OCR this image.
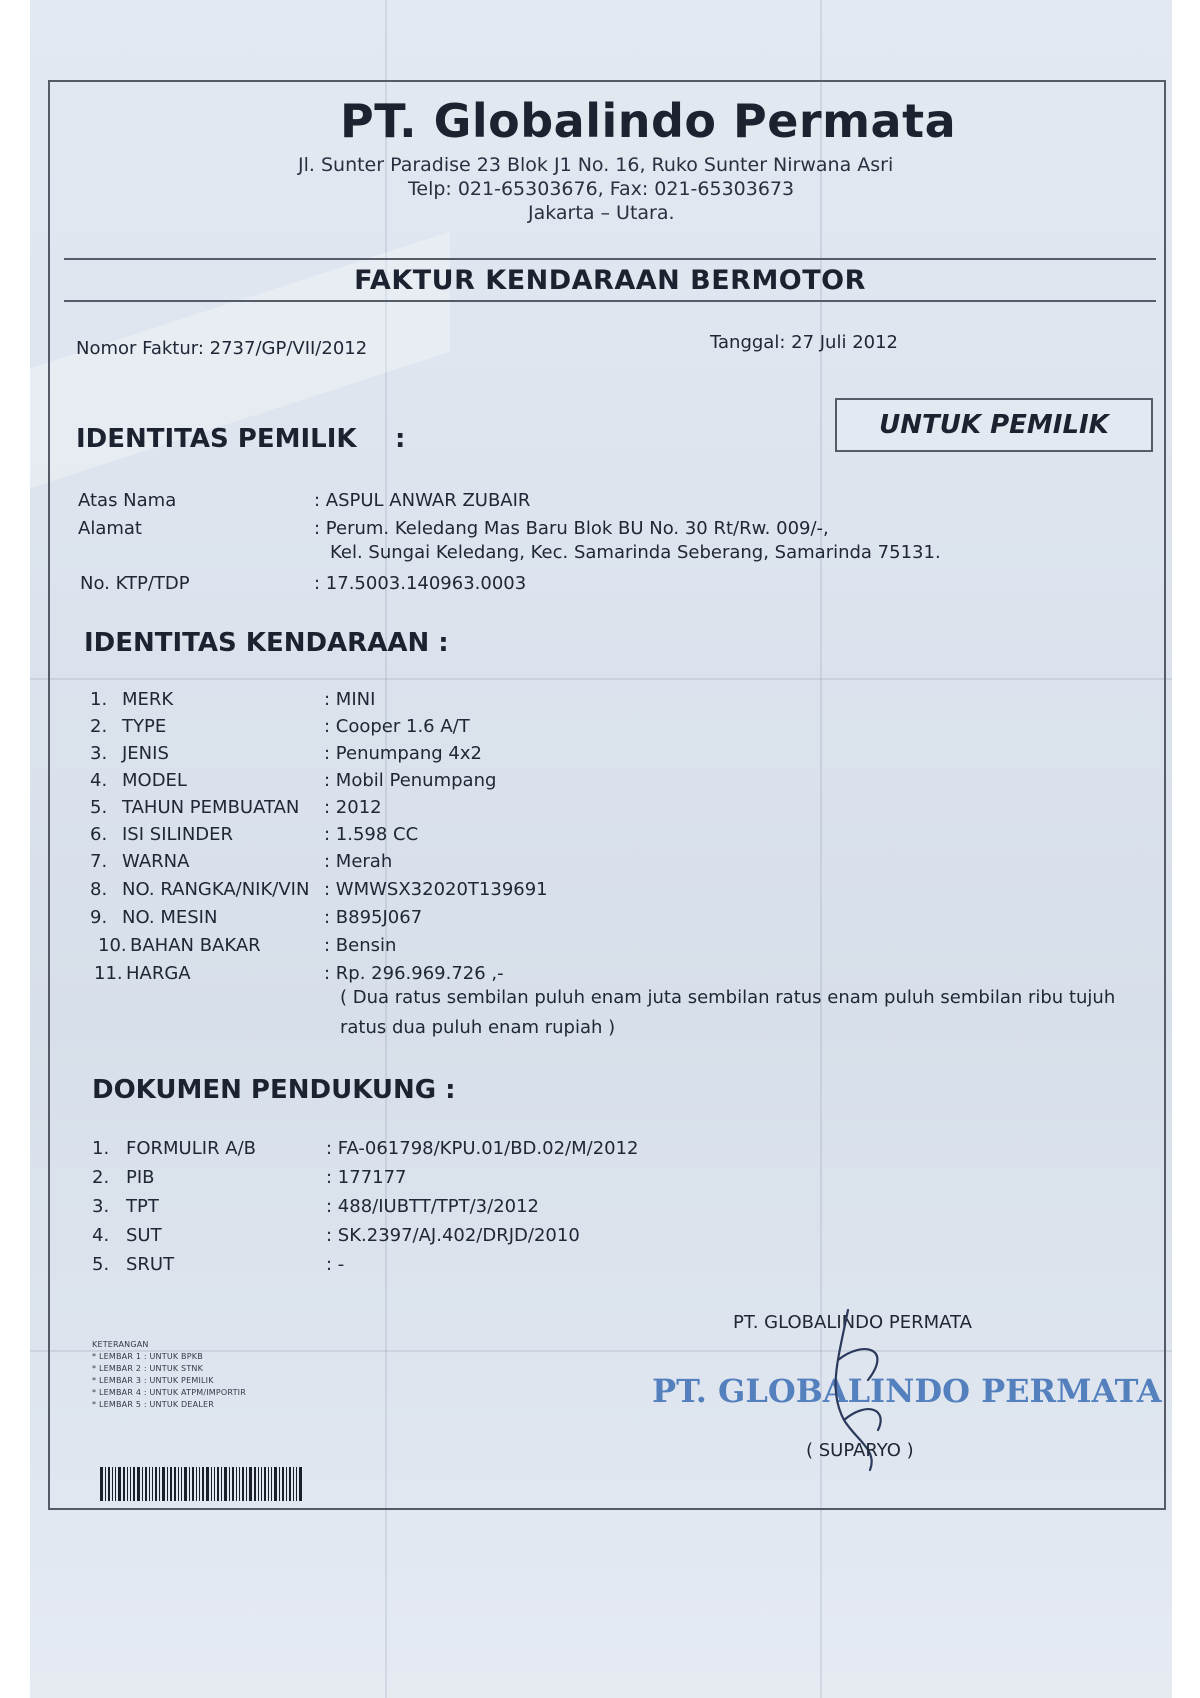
PT. Globalindo Permata
Jl. Sunter Paradise 23 Blok J1 No. 16, Ruko Sunter Nirwana Asri
Telp: 021-65303676, Fax: 021-65303673
Jakarta – Utara.
FAKTUR KENDARAAN BERMOTOR
Nomor Faktur: 2737/GP/VII/2012	Tanggal: 27 Juli 2012
UNTUK PEMILIK
IDENTITAS PEMILIK :
Atas Nama	: ASPUL ANWAR ZUBAIR
Alamat	: Perum. Keledang Mas Baru Blok BU No. 30 Rt/Rw. 009/-,
Kel. Sungai Keledang, Kec. Samarinda Seberang, Samarinda 75131.
No. KTP/TDP	: 17.5003.140963.0003
IDENTITAS KENDARAAN :
1. MERK	: MINI
2. TYPE	: Cooper 1.6 A/T
3. JENIS	: Penumpang 4x2
4. MODEL	: Mobil Penumpang
5. TAHUN PEMBUATAN : 2012
6. ISI SILINDER	: 1.598 CC
7. WARNA	: Merah
8. NO. RANGKA/NIK/VIN : WMWSX32020T139691
9. NO. MESIN	: B895J067
10. BAHAN BAKAR	: Bensin
11. HARGA	: Rp. 296.969.726 ,-
( Dua ratus sembilan puluh enam juta sembilan ratus enam puluh sembilan ribu tujuh
ratus dua puluh enam rupiah )
DOKUMEN PENDUKUNG :
1. FORMULIR A/B	: FA-061798/KPU.01/BD.02/M/2012
2. PIB	: 177177
3. TPT	: 488/IUBTT/TPT/3/2012
4. SUT	: SK.2397/AJ.402/DRJD/2010
5. SRUT	: -
PT. GLOBALINDO PERMATA
KETERANGAN
* LEMBAR 1 : UNTUK BPKB
* LEMBAR 2 : UNTUK STNK
* LEMBAR 3 : UNTUK PEMILIK
* LEMBAR 4 : UNTUK ATPM/IMPORTIR
* LEMBAR 5 : UNTUK DEALER	PT. GLOBALINDO PERMATA
( SUPARYO )
